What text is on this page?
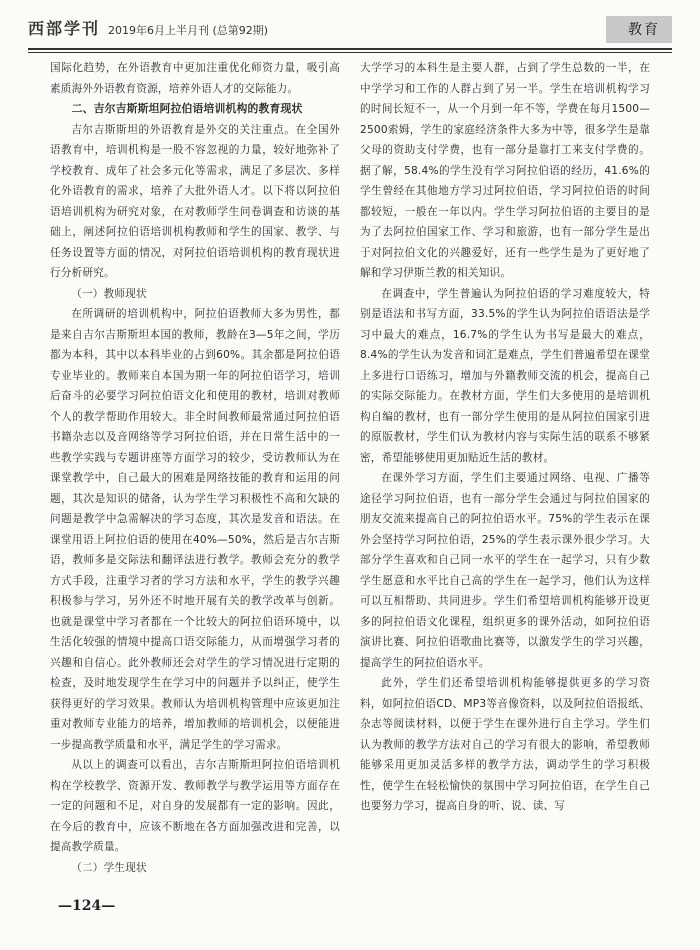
西部学刊 2019年6月上半月刊 (总第92期)	教育

国际化趋势，在外语教育中更加注重优化师资力量，吸引高素质海外外语教育资源，培养外语人才的交际能力。

二、吉尔吉斯斯坦阿拉伯语培训机构的教育现状

吉尔吉斯斯坦的外语教育是外交的关注重点。在全国外语教育中，培训机构是一股不容忽视的力量，较好地弥补了学校教育、成年了社会多元化等需求，满足了多层次、多样化外语教育的需求，培养了大批外语人才。以下将以阿拉伯语培训机构为研究对象，在对教师学生问卷调查和访谈的基础上，阐述阿拉伯语培训机构教师和学生的国家、教学、与任务设置等方面的情况，对阿拉伯语培训机构的教育现状进行分析研究。

（一）教师现状

在所调研的培训机构中，阿拉伯语教师大多为男性，都是来自吉尔吉斯斯坦本国的教师，教龄在3—5年之间，学历都为本科，其中以本科毕业的占到60%。其余都是阿拉伯语专业毕业的。教师来自本国为期一年的阿拉伯语学习，培训后奋斗的必要学习阿拉伯语文化和使用的教材，培训对教师个人的教学帮助作用较大。非全时间教师最常通过阿拉伯语书籍杂志以及音网络等学习阿拉伯语，并在日常生活中的一些教学实践与专题讲座等方面学习的较少，受访教师认为在课堂教学中，自己最大的困难是网络技能的教育和运用的问题，其次是知识的储备，认为学生学习积极性不高和欠缺的问题是教学中急需解决的学习态度，其次是发音和语法。在课堂用语上阿拉伯语的使用在40%—50%，然后是吉尔吉斯语，教师多是交际法和翻译法进行教学。教师会充分的教学方式手段，注重学习者的学习方法和水平，学生的教学兴趣积极参与学习，另外还不时地开展有关的教学改革与创新。也就是课堂中学习者都在一个比较大的阿拉伯语环境中，以生活化较强的情境中提高口语交际能力，从而增强学习者的兴趣和自信心。此外教师还会对学生的学习情况进行定期的检查，及时地发现学生在学习中的问题并予以纠正，使学生获得更好的学习效果。教师认为培训机构管理中应该更加注重对教师专业能力的培养，增加教师的培训机会，以便能进一步提高教学质量和水平，满足学生的学习需求。

从以上的调查可以看出，吉尔吉斯斯坦阿拉伯语培训机构在学校教学、资源开发、教师教学与教学运用等方面存在一定的问题和不足，对自身的发展都有一定的影响。因此，在今后的教育中，应该不断地在各方面加强改进和完善，以提高教学质量。

（二）学生现状

大学学习的本科生是主要人群，占到了学生总数的一半，在中学学习和工作的人群占到了另一半。学生在培训机构学习的时间长短不一，从一个月到一年不等，学费在每月1500—2500索姆，学生的家庭经济条件大多为中等，很多学生是靠父母的资助支付学费，也有一部分是靠打工来支付学费的。据了解，58.4%的学生没有学习阿拉伯语的经历，41.6%的学生曾经在其他地方学习过阿拉伯语，学习阿拉伯语的时间都较短，一般在一年以内。学生学习阿拉伯语的主要目的是为了去阿拉伯国家工作、学习和旅游，也有一部分学生是出于对阿拉伯文化的兴趣爱好，还有一些学生是为了更好地了解和学习伊斯兰教的相关知识。

在调查中，学生普遍认为阿拉伯语的学习难度较大，特别是语法和书写方面，33.5%的学生认为阿拉伯语语法是学习中最大的难点，16.7%的学生认为书写是最大的难点，8.4%的学生认为发音和词汇是难点，学生们普遍希望在课堂上多进行口语练习，增加与外籍教师交流的机会，提高自己的实际交际能力。在教材方面，学生们大多使用的是培训机构自编的教材，也有一部分学生使用的是从阿拉伯国家引进的原版教材，学生们认为教材内容与实际生活的联系不够紧密，希望能够使用更加贴近生活的教材。

在课外学习方面，学生们主要通过网络、电视、广播等途径学习阿拉伯语，也有一部分学生会通过与阿拉伯国家的朋友交流来提高自己的阿拉伯语水平。75%的学生表示在课外会坚持学习阿拉伯语，25%的学生表示课外很少学习。大部分学生喜欢和自己同一水平的学生在一起学习，只有少数学生愿意和水平比自己高的学生在一起学习，他们认为这样可以互相帮助、共同进步。学生们希望培训机构能够开设更多的阿拉伯语文化课程，组织更多的课外活动，如阿拉伯语演讲比赛、阿拉伯语歌曲比赛等，以激发学生的学习兴趣，提高学生的阿拉伯语水平。

此外，学生们还希望培训机构能够提供更多的学习资料，如阿拉伯语CD、MP3等音像资料，以及阿拉伯语报纸、杂志等阅读材料，以便于学生在课外进行自主学习。学生们认为教师的教学方法对自己的学习有很大的影响，希望教师能够采用更加灵活多样的教学方法，调动学生的学习积极性，使学生在轻松愉快的氛围中学习阿拉伯语，在学生自己也要努力学习，提高自身的听、说、读、写

—124—
